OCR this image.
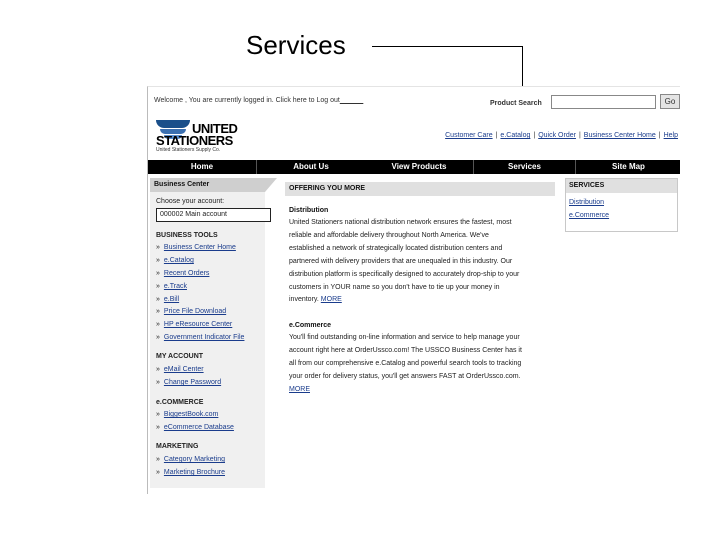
Services
Welcome , You are currently logged in. Click here to Log out______	Product Search	Go
UNITED
STATIONERS
United Stationers Supply Co.
Customer Care | e.Catalog | Quick Order | Business Center Home | Help
Home	About Us	View Products	Services	Site Map
Business Center
Choose your account:
000002 Main account
BUSINESS TOOLS
» Business Center Home
» e.Catalog
» Recent Orders
» e.Track
» e.Bill
» Price File Download
» HP eResource Center
» Government Indicator File
MY ACCOUNT
» eMail Center
» Change Password
e.COMMERCE
» BiggestBook.com
» eCommerce Database
MARKETING
» Category Marketing
» Marketing Brochure
OFFERING YOU MORE
Distribution
United Stationers national distribution network ensures the fastest, most
reliable and affordable delivery throughout North America. We've
established a network of strategically located distribution centers and
partnered with delivery providers that are unequaled in this industry. Our
distribution platform is specifically designed to accurately drop-ship to your
customers in YOUR name so you don't have to tie up your money in
inventory. MORE
e.Commerce
You'll find outstanding on-line information and service to help manage your
account right here at OrderUssco.com! The USSCO Business Center has it
all from our comprehensive e.Catalog and powerful search tools to tracking
your order for delivery status, you'll get answers FAST at OrderUssco.com.
MORE
SERVICES
Distribution
e.Commerce
